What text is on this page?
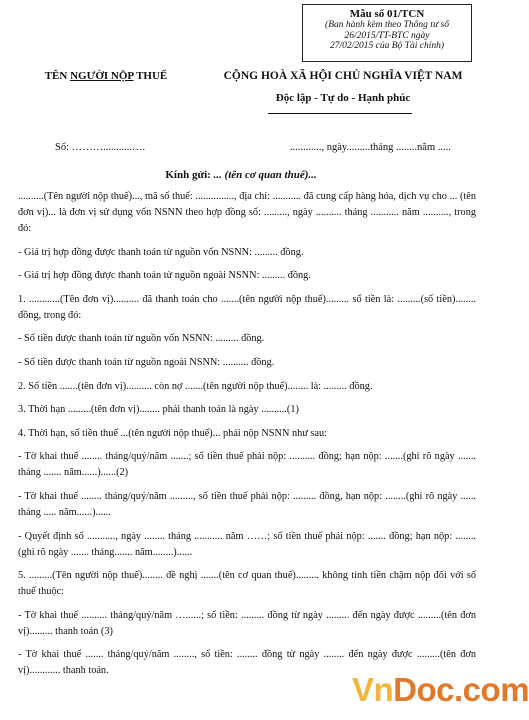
Mẫu số 01/TCN
(Ban hành kèm theo Thông tư số
26/2015/TT-BTC ngày
27/02/2015 của Bộ Tài chính)
TÊN NGƯỜI NỘP THUẾ	CỘNG HOÀ XÃ HỘI CHỦ NGHĨA VIỆT NAM
Độc lập - Tự do - Hạnh phúc
Số: ………...........….	............, ngày.........tháng ........năm .....
Kính gửi: ... (tên cơ quan thuế)...

..........(Tên người nộp thuế)..., mã số thuế: ..............., địa chỉ: ........... đã cung cấp hàng hóa, dịch vụ cho ... (tên đơn vị)... là đơn vị sử dụng vốn NSNN theo hợp đồng số: ........., ngày .......... tháng ........... năm .........., trong đó:

- Giá trị hợp đồng được thanh toán từ nguồn vốn NSNN: ......... đồng.

- Giá trị hợp đồng được thanh toán từ nguồn ngoài NSNN: ......... đồng.

1. ............(Tên đơn vị).......... đã thanh toán cho .......(tên người nộp thuế)......... số tiền là: .........(số tiền)........ đồng, trong đó:

- Số tiền được thanh toán từ nguồn vốn NSNN: ......... đồng.

- Số tiền được thanh toán từ nguồn ngoài NSNN: .......... đồng.

2. Số tiền .......(tên đơn vị).......... còn nợ .......(tên người nộp thuế)........ là: ......... đồng.

3. Thời hạn .........(tên đơn vị)........ phải thanh toán là ngày ..........(1)

4. Thời hạn, số tiền thuế ...(tên người nộp thuế)... phải nộp NSNN như sau:

- Tờ khai thuế ........ tháng/quý/năm .......; số tiền thuế phải nộp: .......... đồng; hạn nộp: .......(ghi rõ ngày ....... tháng ....... năm......)......(2)

- Tờ khai thuế ........ tháng/quý/năm ........., số tiền thuế phải nộp: ......... đồng, hạn nộp: ........(ghi rõ ngày ...... tháng ..... năm......)......

- Quyết định số ..........., ngày ........ tháng ........... năm ……; số tiền thuế phải nộp: ....... đồng; hạn nộp: ........(ghi rõ ngày ....... tháng....... năm........)......

5. .........(Tên người nộp thuế)........ đề nghị .......(tên cơ quan thuế)......... không tính tiền chậm nộp đối với số thuế thuộc:

- Tờ khai thuế .......... tháng/quý/năm …......; số tiền: ......... đồng từ ngày ......... đến ngày được .........(tên đơn vị)......... thanh toán (3)

- Tờ khai thuế ....... tháng/quý/năm ........, số tiền: ........ đồng từ ngày ........ đến ngày được .........(tên đơn vị)............ thanh toán.

VnDoc.com
